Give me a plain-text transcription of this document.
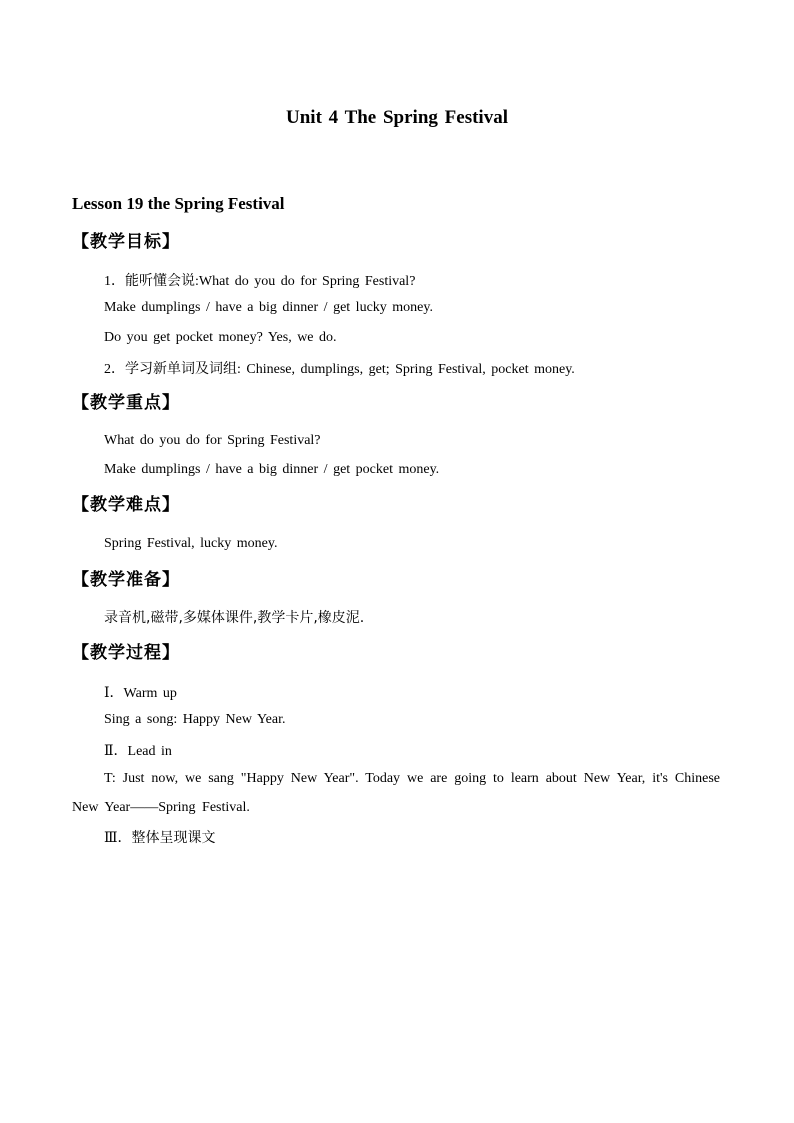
Unit 4 The Spring Festival
Lesson 19 the Spring Festival
【教学目标】
1．能听懂会说:What do you do for Spring Festival?
Make dumplings / have a big dinner / get lucky money.
Do you get pocket money? Yes, we do.
2．学习新单词及词组: Chinese, dumplings, get; Spring Festival, pocket money.
【教学重点】
What do you do for Spring Festival?
Make dumplings / have a big dinner / get pocket money.
【教学难点】
Spring Festival, lucky money.
【教学准备】
录音机,磁带,多媒体课件,教学卡片,橡皮泥.
【教学过程】
Ⅰ．Warm up
Sing a song: Happy New Year.
Ⅱ．Lead in
T: Just now, we sang "Happy New Year". Today we are going to learn about New Year, it's Chinese New Year——Spring Festival.
Ⅲ．整体呈现课文
